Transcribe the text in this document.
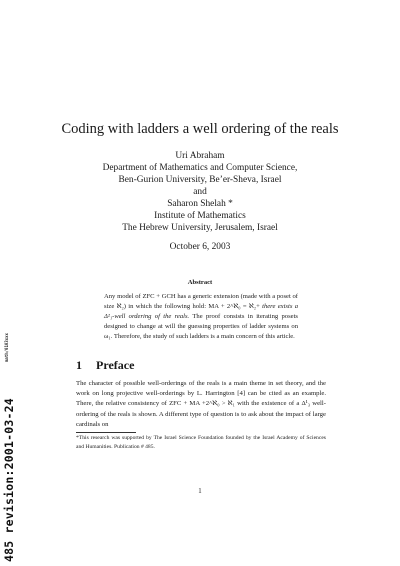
math/0103xxx
485 revision:2001-03-24
Coding with ladders a well ordering of the reals
Uri Abraham
Department of Mathematics and Computer Science,
Ben-Gurion University, Be’er-Sheva, Israel
and
Saharon Shelah *
Institute of Mathematics
The Hebrew University, Jerusalem, Israel
October 6, 2003
Abstract
Any model of ZFC + GCH has a generic extension (made with a poset of size ℵ₂) in which the following hold: MA + 2^ℵ₀ = ℵ₂+ there exists a Δ²₁-well ordering of the reals. The proof consists in iterating posets designed to change at will the guessing properties of ladder systems on ω₁. Therefore, the study of such ladders is a main concern of this article.
1 Preface
The character of possible well-orderings of the reals is a main theme in set theory, and the work on long projective well-orderings by L. Harrington [4] can be cited as an example. There, the relative consistency of ZFC + MA +2^ℵ₀ > ℵ₁ with the existence of a Δ¹₃ well-ordering of the reals is shown. A different type of question is to ask about the impact of large cardinals on
*This research was supported by The Israel Science Foundation founded by the Israel Academy of Sciences and Humanities. Publication # 485.
1
